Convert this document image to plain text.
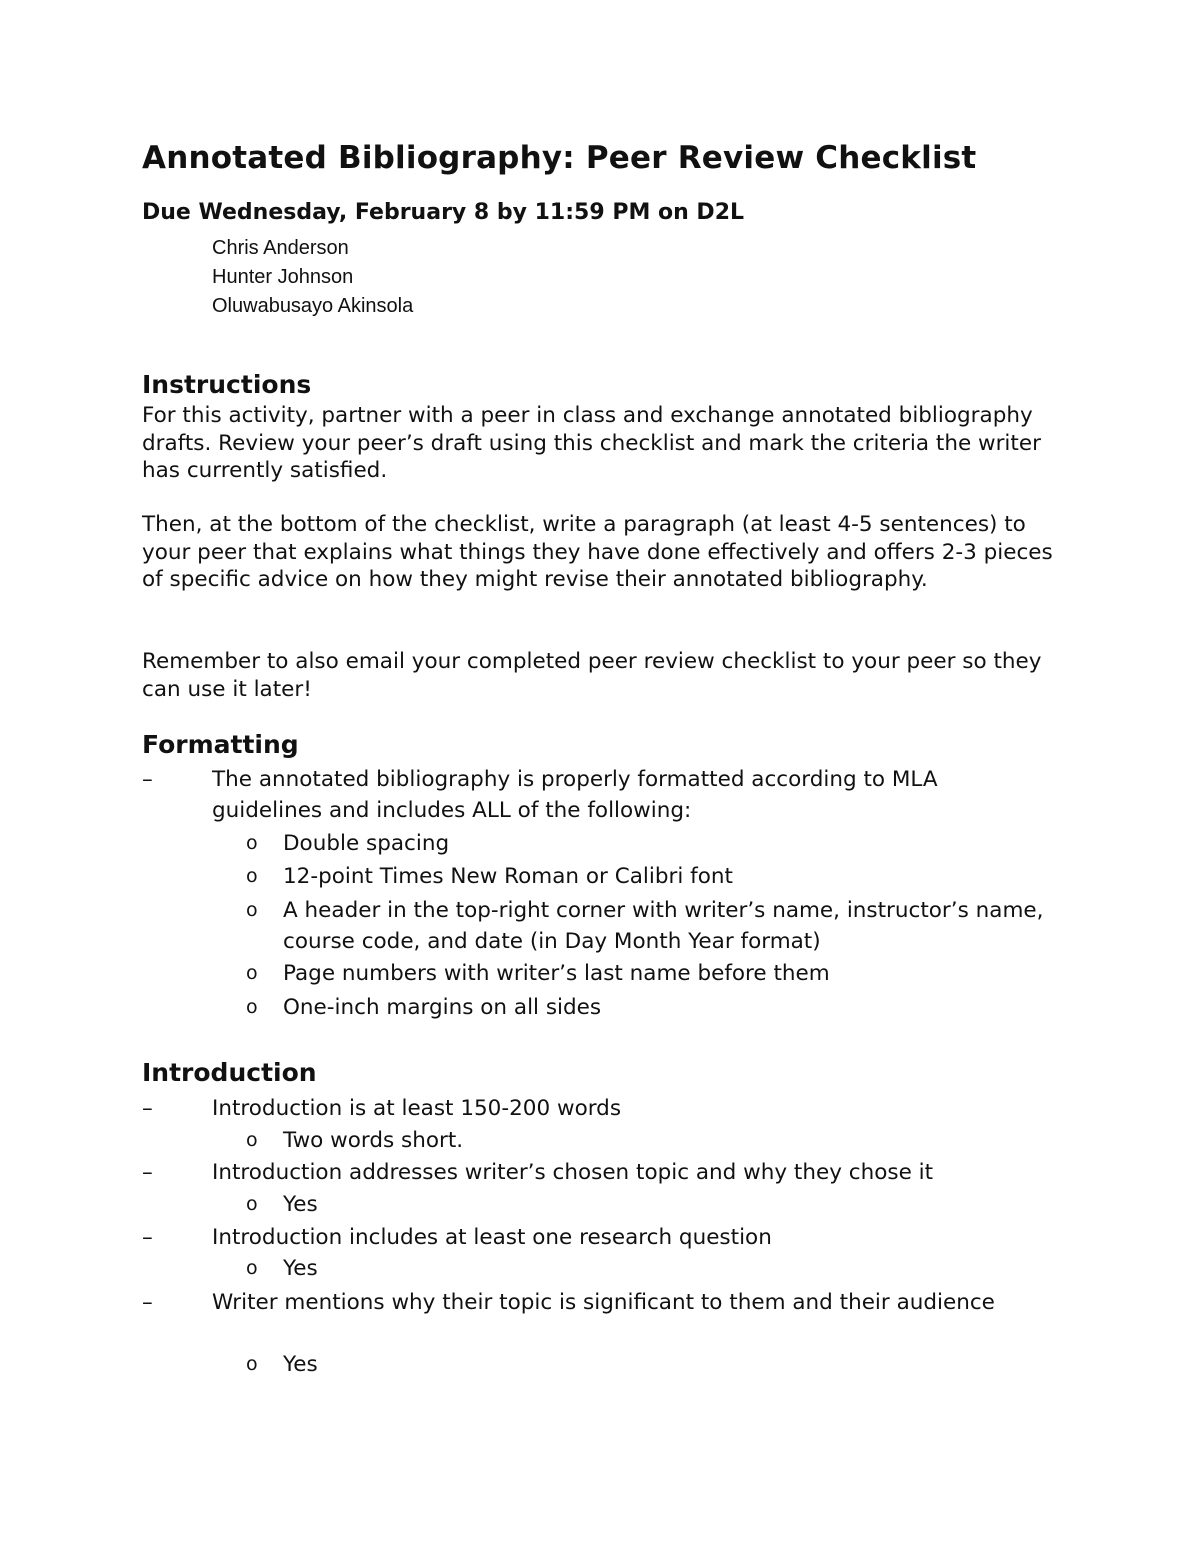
Annotated Bibliography: Peer Review Checklist
Due Wednesday, February 8 by 11:59 PM on D2L
Chris Anderson
Hunter Johnson
Oluwabusayo Akinsola
Instructions

For this activity, partner with a peer in class and exchange annotated bibliography drafts. Review your peer’s draft using this checklist and mark the criteria the writer has currently satisfied.

Then, at the bottom of the checklist, write a paragraph (at least 4-5 sentences) to your peer that explains what things they have done effectively and offers 2-3 pieces of specific advice on how they might revise their annotated bibliography.

Remember to also email your completed peer review checklist to your peer so they can use it later!

Formatting
–	The annotated bibliography is properly formatted according to MLA guidelines and includes ALL of the following:
o Double spacing
o 12-point Times New Roman or Calibri font
o A header in the top-right corner with writer’s name, instructor’s name, course code, and date (in Day Month Year format)
o Page numbers with writer’s last name before them
o One-inch margins on all sides
Introduction
–	Introduction is at least 150-200 words
o Two words short.
–	Introduction addresses writer’s chosen topic and why they chose it
o Yes
–	Introduction includes at least one research question
o Yes
–	Writer mentions why their topic is significant to them and their audience
o Yes
